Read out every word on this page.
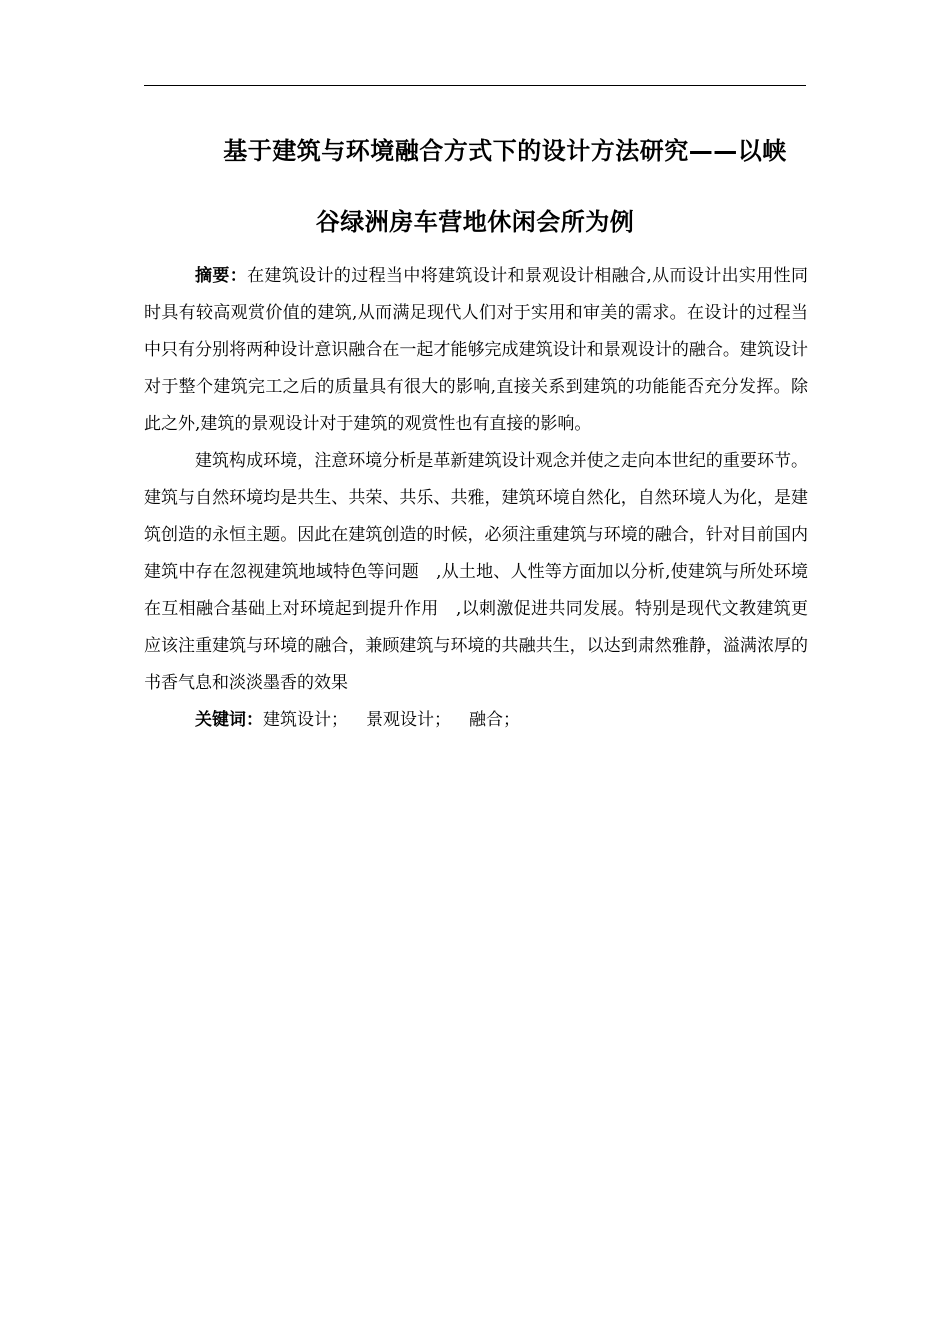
基于建筑与环境融合方式下的设计方法研究——以峡
谷绿洲房车营地休闲会所为例

摘要：在建筑设计的过程当中将建筑设计和景观设计相融合,从而设计出实用性同时具有较高观赏价值的建筑,从而满足现代人们对于实用和审美的需求。在设计的过程当中只有分别将两种设计意识融合在一起才能够完成建筑设计和景观设计的融合。建筑设计对于整个建筑完工之后的质量具有很大的影响,直接关系到建筑的功能能否充分发挥。除此之外,建筑的景观设计对于建筑的观赏性也有直接的影响。

建筑构成环境，注意环境分析是革新建筑设计观念并使之走向本世纪的重要环节。建筑与自然环境均是共生、共荣、共乐、共雅，建筑环境自然化，自然环境人为化，是建筑创造的永恒主题。因此在建筑创造的时候，必须注重建筑与环境的融合，针对目前国内建筑中存在忽视建筑地域特色等问题　,从土地、人性等方面加以分析,使建筑与所处环境在互相融合基础上对环境起到提升作用　,以刺激促进共同发展。特别是现代文教建筑更应该注重建筑与环境的融合，兼顾建筑与环境的共融共生，以达到肃然雅静，溢满浓厚的书香气息和淡淡墨香的效果

关键词：建筑设计； 景观设计； 融合；
